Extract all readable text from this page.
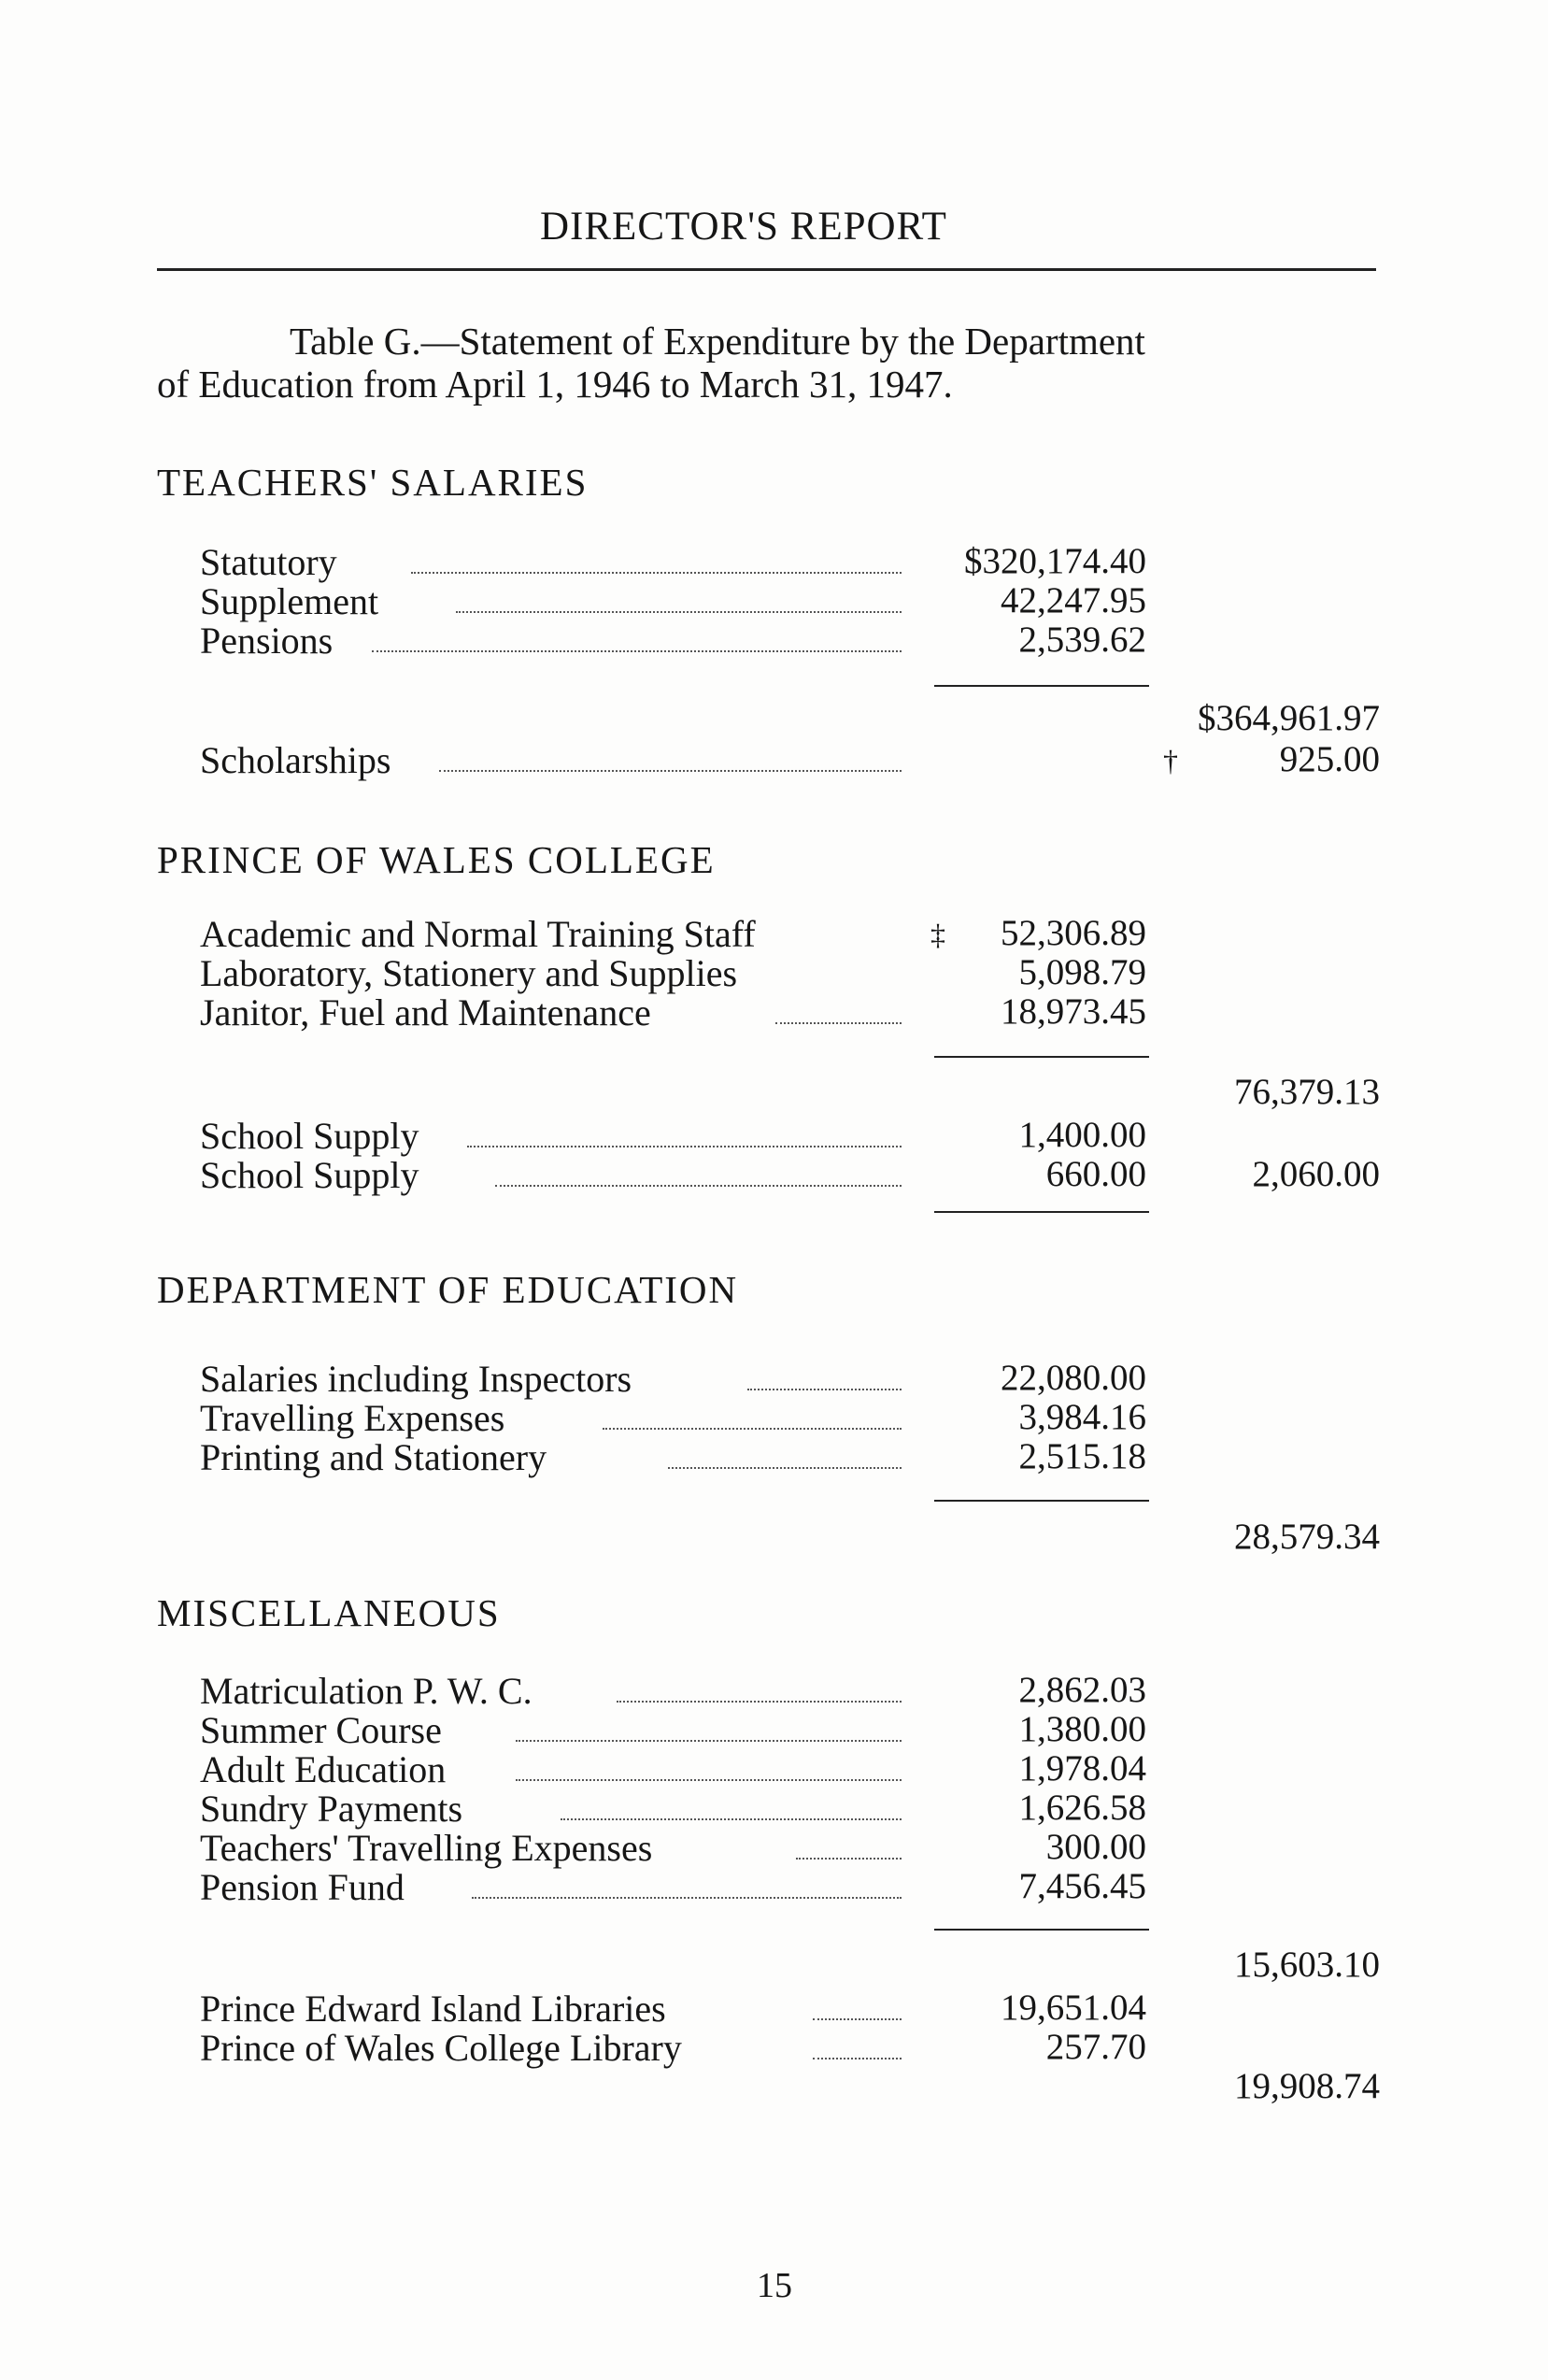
DIRECTOR'S REPORT
Table G.—Statement of Expenditure by the Department
of Education from April 1, 1946 to March 31, 1947.
TEACHERS' SALARIES
Statutory	$320,174.40
Supplement	42,247.95
Pensions	2,539.62
$364,961.97
Scholarships	†	925.00
PRINCE OF WALES COLLEGE
Academic and Normal Training Staff	‡ 52,306.89
Laboratory, Stationery and Supplies	5,098.79
Janitor, Fuel and Maintenance	18,973.45
76,379.13
School Supply	1,400.00
School Supply	660.00	2,060.00
DEPARTMENT OF EDUCATION
Salaries including Inspectors	22,080.00
Travelling Expenses	3,984.16
Printing and Stationery	2,515.18
28,579.34
MISCELLANEOUS
Matriculation P. W. C.	2,862.03
Summer Course	1,380.00
Adult Education	1,978.04
Sundry Payments	1,626.58
Teachers' Travelling Expenses	300.00
Pension Fund	7,456.45
15,603.10
Prince Edward Island Libraries	19,651.04
Prince of Wales College Library	257.70
19,908.74
15
